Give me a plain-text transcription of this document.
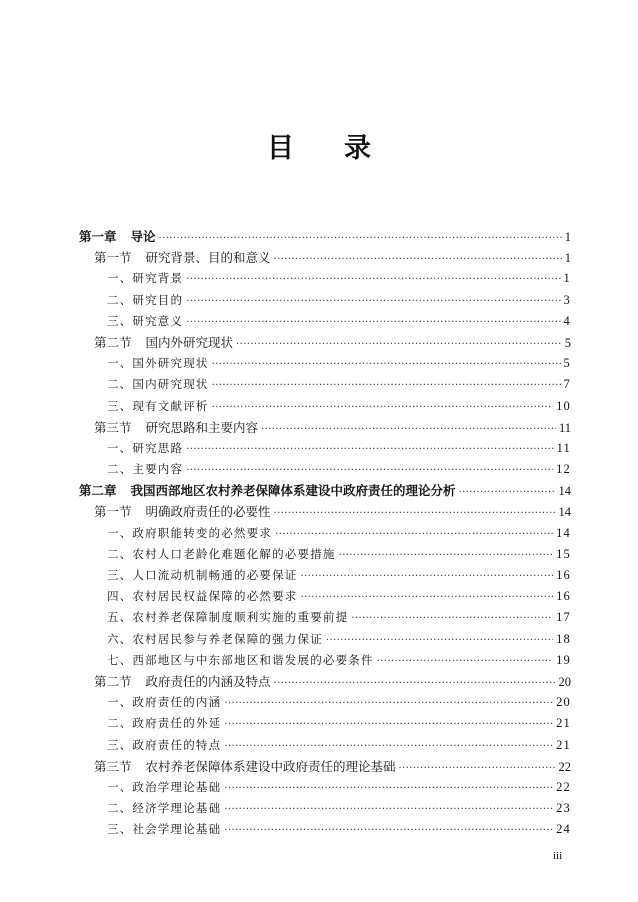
目 录
第一章 导论 ·····	1
第一节 研究背景、目的和意义 ·····	1
一、研究背景 ·····	1
二、研究目的 ·····	3
三、研究意义 ·····	4
第二节 国内外研究现状 ·····	5
一、国外研究现状 ·····	5
二、国内研究现状 ·····	7
三、现有文献评析 ·····	10
第三节 研究思路和主要内容 ·····	11
一、研究思路 ·····	11
二、主要内容 ·····	12
第二章 我国西部地区农村养老保障体系建设中政府责任的理论分析 ·····	14
第一节 明确政府责任的必要性 ·····	14
一、政府职能转变的必然要求 ·····	14
二、农村人口老龄化难题化解的必要措施 ·····	15
三、人口流动机制畅通的必要保证 ·····	16
四、农村居民权益保障的必然要求 ·····	16
五、农村养老保障制度顺利实施的重要前提 ·····	17
六、农村居民参与养老保障的强力保证 ·····	18
七、西部地区与中东部地区和谐发展的必要条件 ·····	19
第二节 政府责任的内涵及特点 ·····	20
一、政府责任的内涵 ·····	20
二、政府责任的外延 ·····	21
三、政府责任的特点 ·····	21
第三节 农村养老保障体系建设中政府责任的理论基础 ·····	22
一、政治学理论基础 ·····	22
二、经济学理论基础 ·····	23
三、社会学理论基础 ·····	24
iii
